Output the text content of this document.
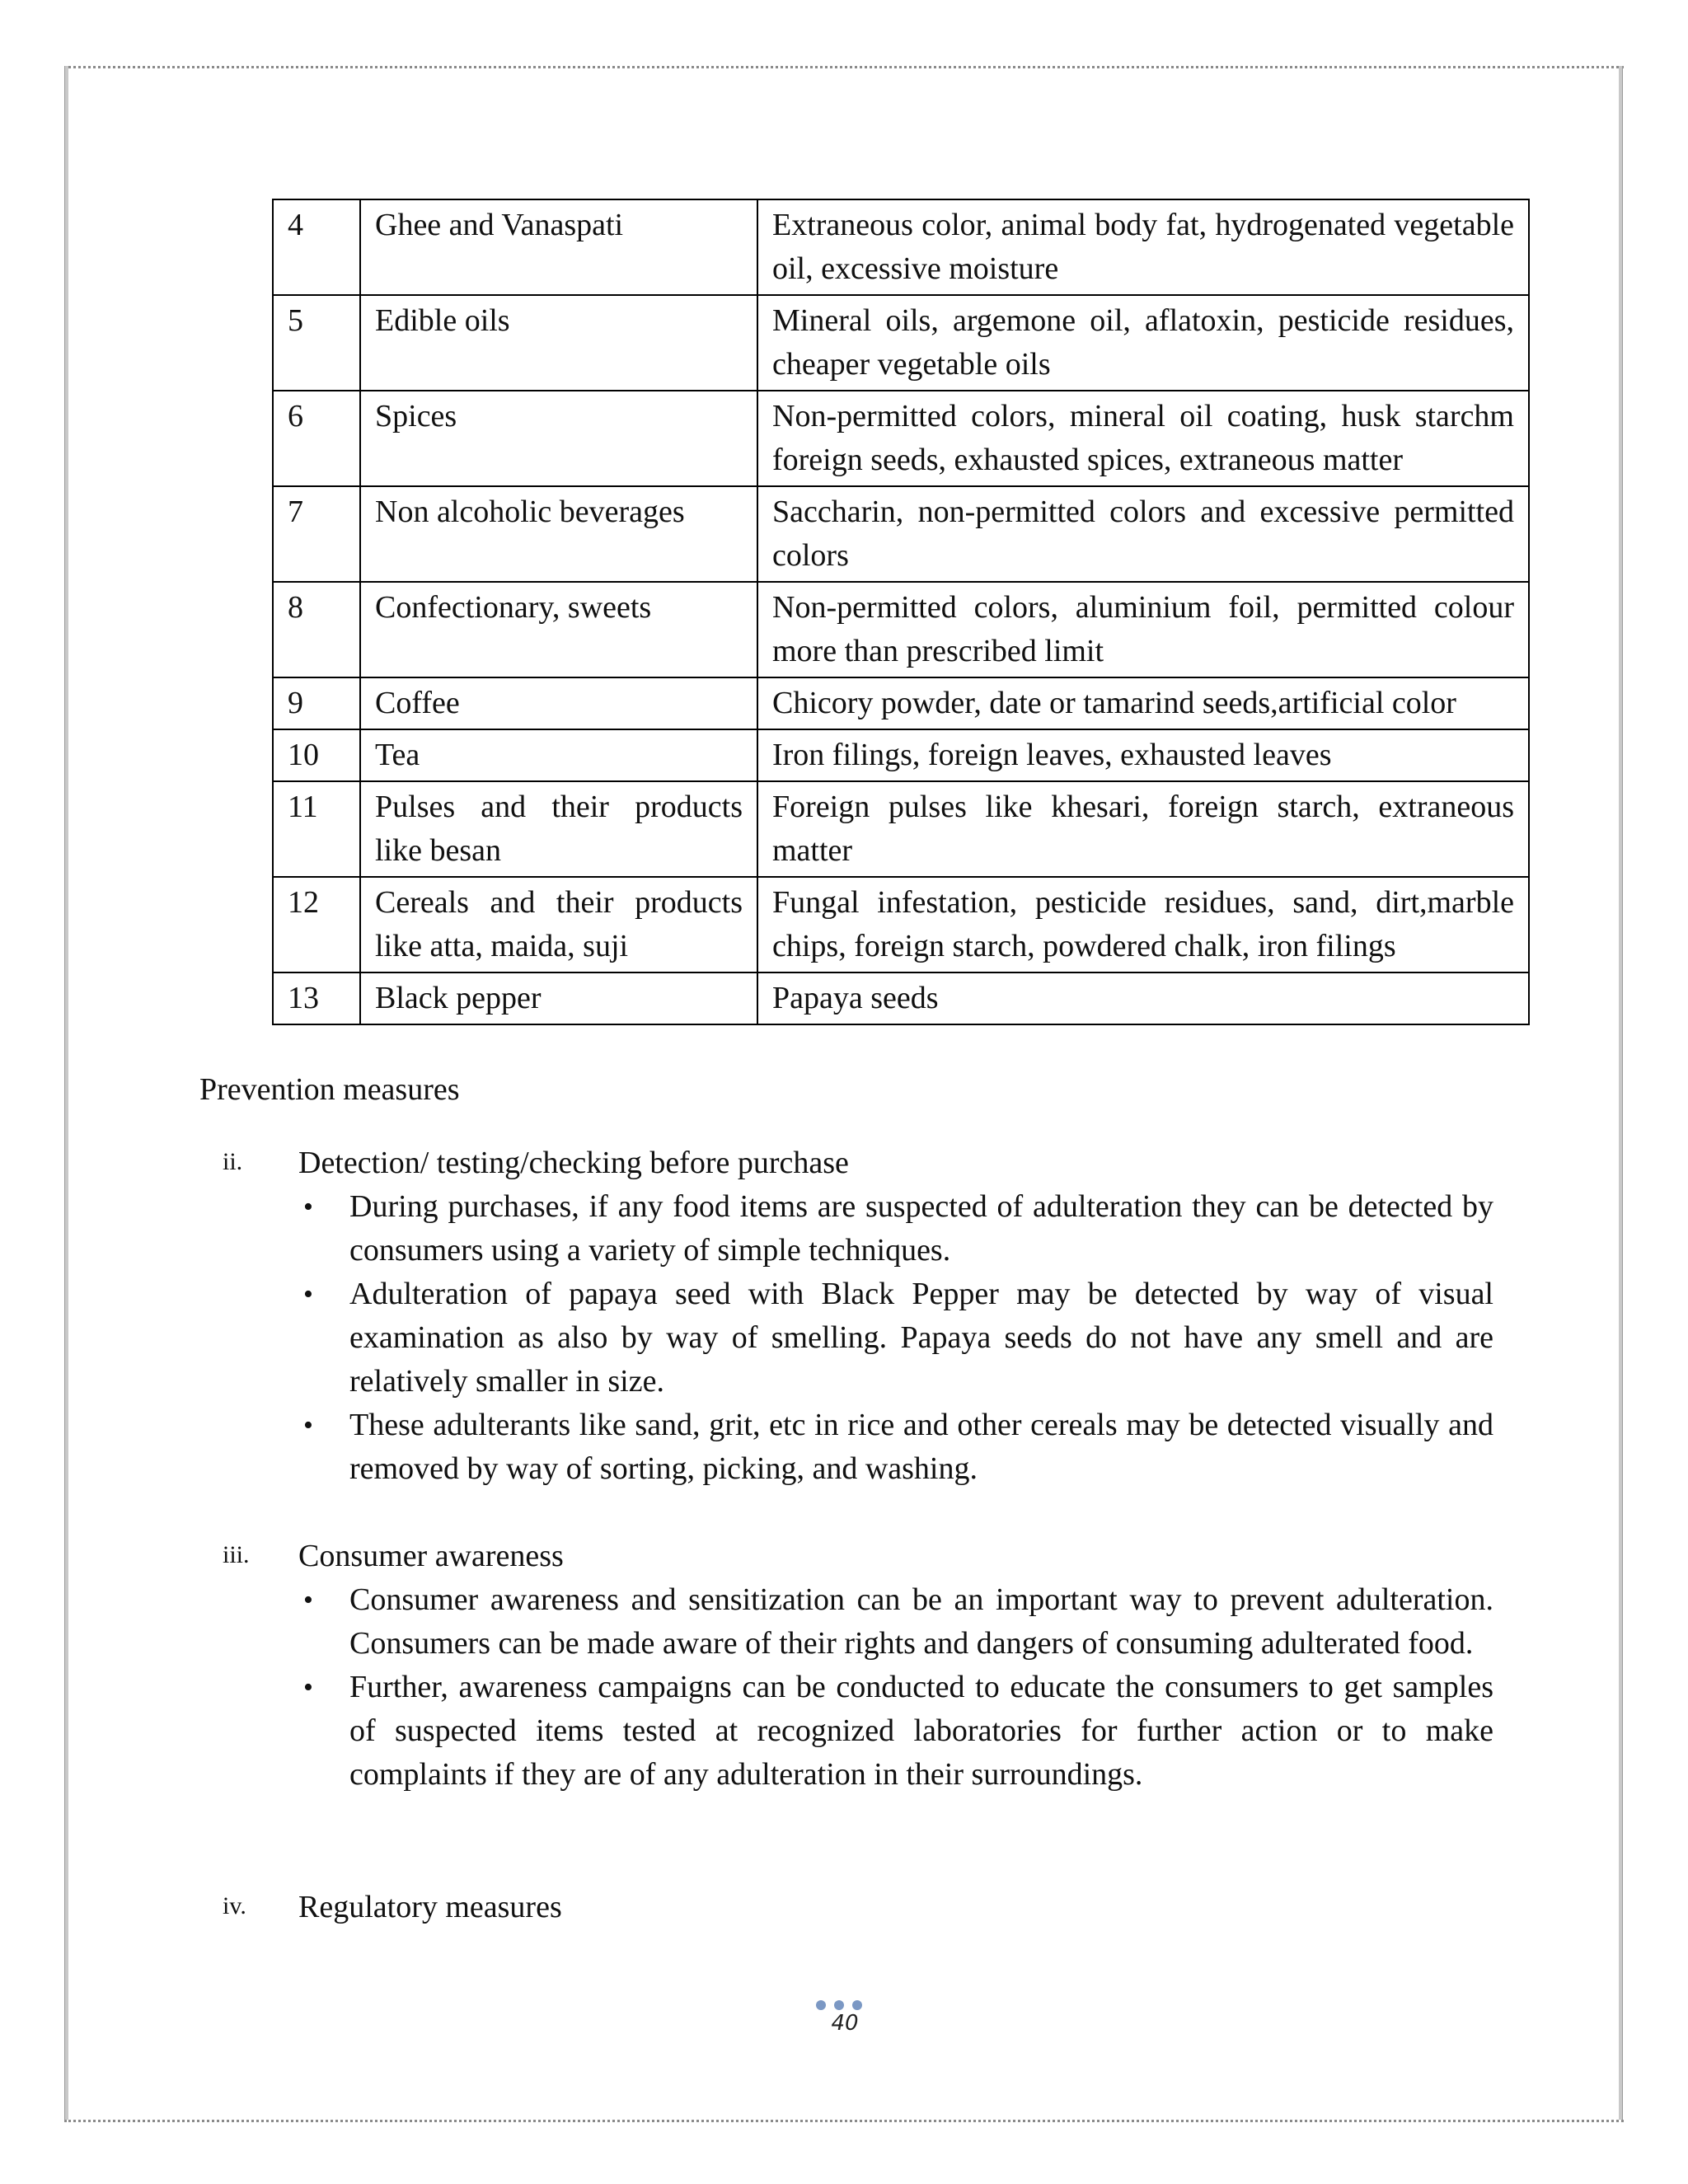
4	Ghee and Vanaspati	Extraneous color, animal body fat, hydrogenated vegetable oil, excessive moisture
5	Edible oils	Mineral oils, argemone oil, aflatoxin, pesticide residues, cheaper vegetable oils
6	Spices	Non-permitted colors, mineral oil coating, husk starchm foreign seeds, exhausted spices, extraneous matter
7	Non alcoholic beverages	Saccharin, non-permitted colors and excessive permitted colors
8	Confectionary, sweets	Non-permitted colors, aluminium foil, permitted colour more than prescribed limit
9	Coffee	Chicory powder, date or tamarind seeds,artificial color
10	Tea	Iron filings, foreign leaves, exhausted leaves
11	Pulses and their products like besan	Foreign pulses like khesari, foreign starch, extraneous matter
12	Cereals and their products like atta, maida, suji	Fungal infestation, pesticide residues, sand, dirt,marble chips, foreign starch, powdered chalk, iron filings
13	Black pepper	Papaya seeds
Prevention measures
ii.	Detection/ testing/checking before purchase
• During purchases, if any food items are suspected of adulteration they can be detected by consumers using a variety of simple techniques.
• Adulteration of papaya seed with Black Pepper may be detected by way of visual examination as also by way of smelling. Papaya seeds do not have any smell and are relatively smaller in size.
• These adulterants like sand, grit, etc in rice and other cereals may be detected visually and removed by way of sorting, picking, and washing.
iii.	Consumer awareness
• Consumer awareness and sensitization can be an important way to prevent adulteration. Consumers can be made aware of their rights and dangers of consuming adulterated food.
• Further, awareness campaigns can be conducted to educate the consumers to get samples of suspected items tested at recognized laboratories for further action or to make complaints if they are of any adulteration in their surroundings.
iv.	Regulatory measures
40
